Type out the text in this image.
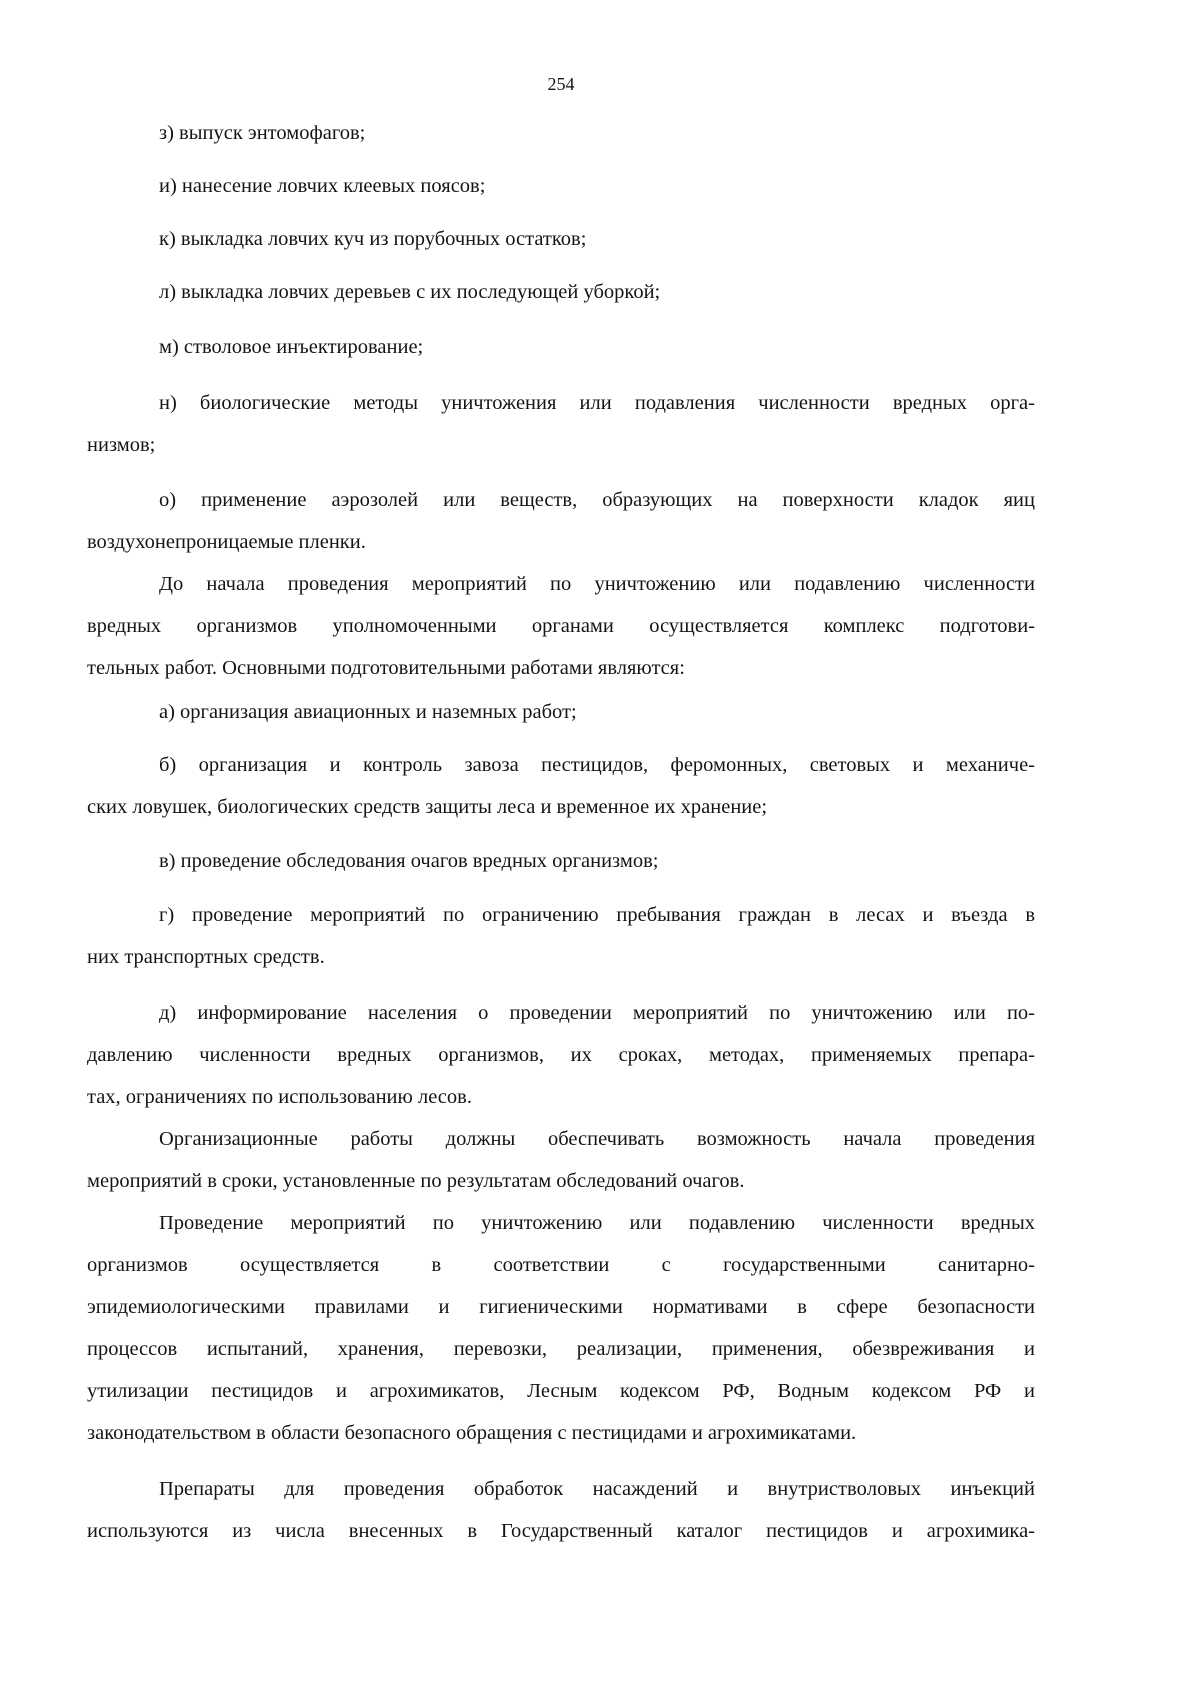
254

з) выпуск энтомофагов;

и) нанесение ловчих клеевых поясов;

к) выкладка ловчих куч из порубочных остатков;

л) выкладка ловчих деревьев с их последующей уборкой;

м) стволовое инъектирование;

н) биологические методы уничтожения или подавления численности вредных орга-

низмов;

о) применение аэрозолей или веществ, образующих на поверхности кладок яиц

воздухонепроницаемые пленки.

До начала проведения мероприятий по уничтожению или подавлению численности

вредных организмов уполномоченными органами осуществляется комплекс подготови-

тельных работ. Основными подготовительными работами являются:

а) организация авиационных и наземных работ;

б) организация и контроль завоза пестицидов, феромонных, световых и механиче-

ских ловушек, биологических средств защиты леса и временное их хранение;

в) проведение обследования очагов вредных организмов;

г) проведение мероприятий по ограничению пребывания граждан в лесах и въезда в

них транспортных средств.

д) информирование населения о проведении мероприятий по уничтожению или по-

давлению численности вредных организмов, их сроках, методах, применяемых препара-

тах, ограничениях по использованию лесов.

Организационные работы должны обеспечивать возможность начала проведения

мероприятий в сроки, установленные по результатам обследований очагов.

Проведение мероприятий по уничтожению или подавлению численности вредных

организмов осуществляется в соответствии с государственными санитарно-

эпидемиологическими правилами и гигиеническими нормативами в сфере безопасности

процессов испытаний, хранения, перевозки, реализации, применения, обезвреживания и

утилизации пестицидов и агрохимикатов, Лесным кодексом РФ, Водным кодексом РФ и

законодательством в области безопасного обращения с пестицидами и агрохимикатами.

Препараты для проведения обработок насаждений и внутриствoловых инъекций

используются из числа внесенных в Государственный каталог пестицидов и агрохимика-
